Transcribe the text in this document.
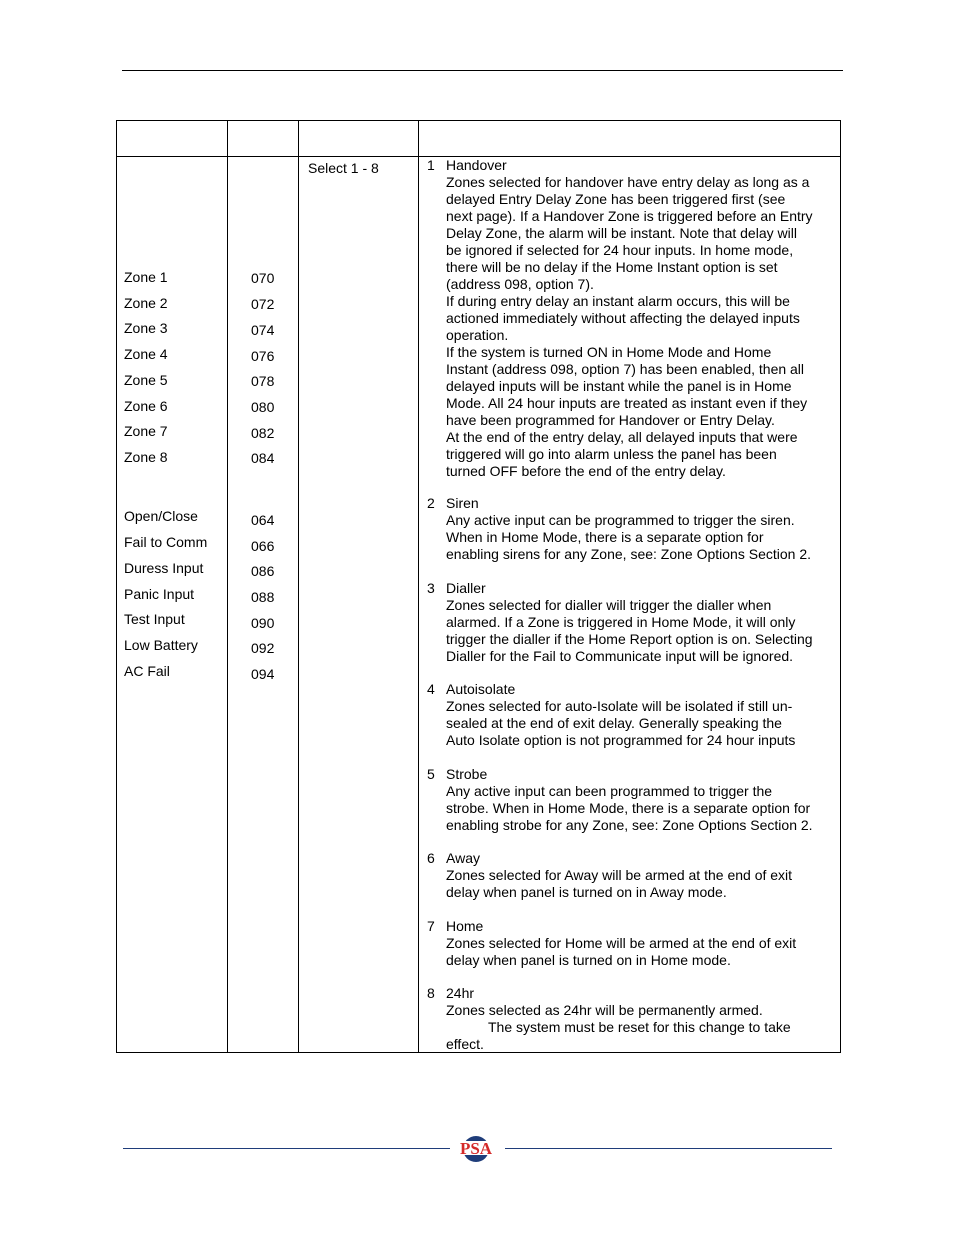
Zone 1	070
Zone 2	072
Zone 3	074
Zone 4	076
Zone 5	078
Zone 6	080
Zone 7	082
Zone 8	084
Open/Close	064
Fail to Comm	066
Duress Input	086
Panic Input	088
Test Input	090
Low Battery	092
AC Fail	094
Select 1 - 8	1 Handover
Zones selected for handover have entry delay as long as a
delayed Entry Delay Zone has been triggered first (see
next page). If a Handover Zone is triggered before an Entry
Delay Zone, the alarm will be instant. Note that delay will
be ignored if selected for 24 hour inputs. In home mode,
there will be no delay if the Home Instant option is set
(address 098, option 7).
If during entry delay an instant alarm occurs, this will be
actioned immediately without affecting the delayed inputs
operation.
If the system is turned ON in Home Mode and Home
Instant (address 098, option 7) has been enabled, then all
delayed inputs will be instant while the panel is in Home
Mode. All 24 hour inputs are treated as instant even if they
have been programmed for Handover or Entry Delay.
At the end of the entry delay, all delayed inputs that were
triggered will go into alarm unless the panel has been
turned OFF before the end of the entry delay.
2 Siren
Any active input can be programmed to trigger the siren.
When in Home Mode, there is a separate option for
enabling sirens for any Zone, see: Zone Options Section 2.
3 Dialler
Zones selected for dialler will trigger the dialler when
alarmed. If a Zone is triggered in Home Mode, it will only
trigger the dialler if the Home Report option is on. Selecting
Dialler for the Fail to Communicate input will be ignored.
4 Autoisolate
Zones selected for auto-Isolate will be isolated if still un-
sealed at the end of exit delay. Generally speaking the
Auto Isolate option is not programmed for 24 hour inputs
5 Strobe
Any active input can been programmed to trigger the
strobe. When in Home Mode, there is a separate option for
enabling strobe for any Zone, see: Zone Options Section 2.
6 Away
Zones selected for Away will be armed at the end of exit
delay when panel is turned on in Away mode.
7 Home
Zones selected for Home will be armed at the end of exit
delay when panel is turned on in Home mode.
8 24hr
Zones selected as 24hr will be permanently armed.
The system must be reset for this change to take
effect.
PSA
